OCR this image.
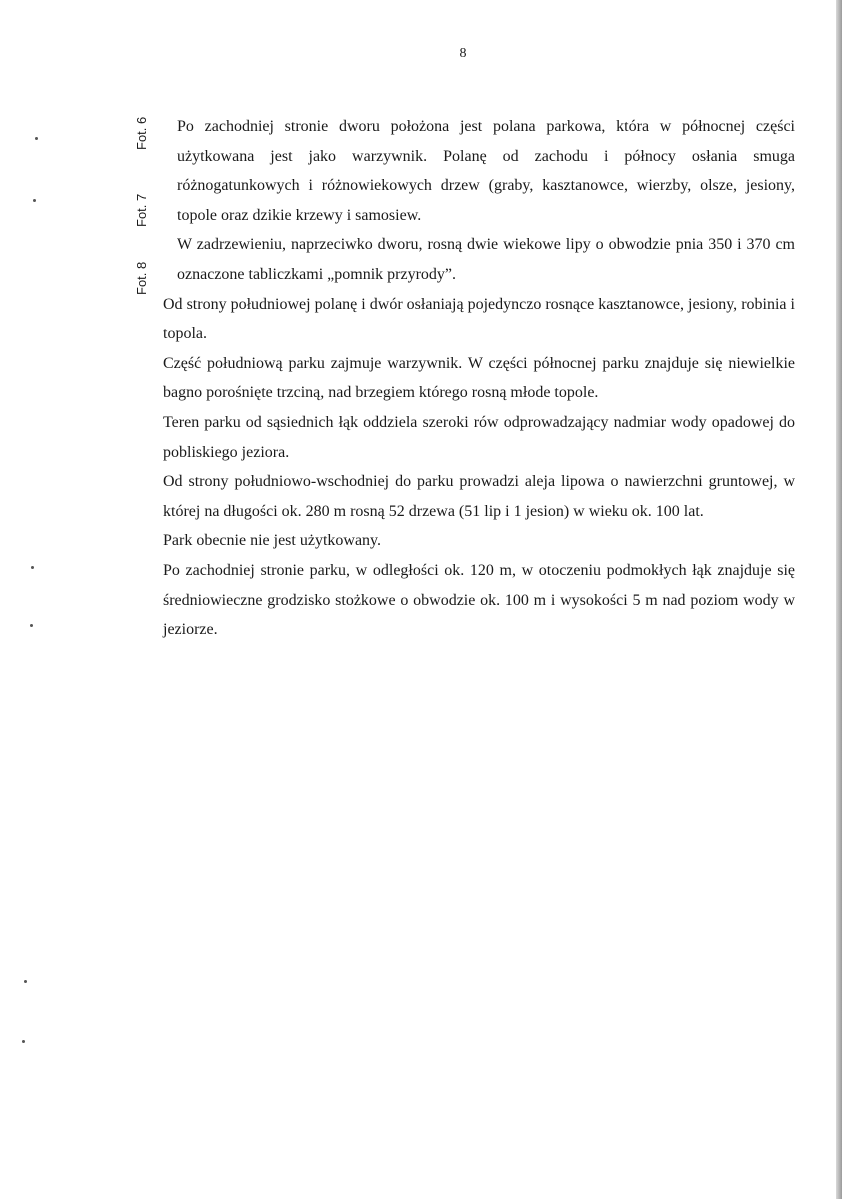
8
Fot. 6
Fot. 7
Fot. 8

Po zachodniej stronie dworu położona jest polana parkowa, która w północnej części użytkowana jest jako warzywnik. Polanę od zachodu i północy osłania smuga różnogatunkowych i różnowiekowych drzew (graby, kasztanowce, wierzby, olsze, jesiony, topole oraz dzikie krzewy i samosiew.

W zadrzewieniu, naprzeciwko dworu, rosną dwie wiekowe lipy o obwodzie pnia 350 i 370 cm oznaczone tabliczkami „pomnik przyrody”.

Od strony południowej polanę i dwór osłaniają pojedynczo rosnące kasztanowce, jesiony, robinia i topola.

Część południową parku zajmuje warzywnik. W części północnej parku znajduje się niewielkie bagno porośnięte trzciną, nad brzegiem którego rosną młode topole.

Teren parku od sąsiednich łąk oddziela szeroki rów odprowadzający nadmiar wody opadowej do pobliskiego jeziora.

Od strony południowo-wschodniej do parku prowadzi aleja lipowa o nawierzchni gruntowej, w której na długości ok. 280 m rosną 52 drzewa (51 lip i 1 jesion) w wieku ok. 100 lat.

Park obecnie nie jest użytkowany.

Po zachodniej stronie parku, w odległości ok. 120 m, w otoczeniu podmokłych łąk znajduje się średniowieczne grodzisko stożkowe o obwodzie ok. 100 m i wysokości 5 m nad poziom wody w jeziorze.
